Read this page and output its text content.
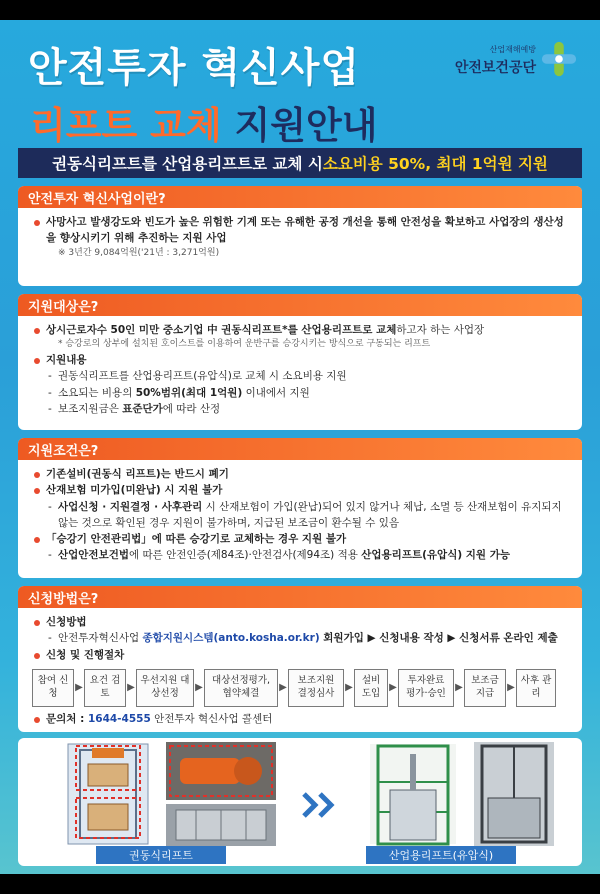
안전투자 혁신사업
리프트 교체 지원안내
산업재해예방
안전보건공단
권동식리프트를 산업용리프트로 교체 시 소요비용 50%, 최대 1억원 지원
안전투자 혁신사업이란?
사망사고 발생강도와 빈도가 높은 위험한 기계 또는 유해한 공정 개선을 통해 안전성을 확보하고 사업장의 생산성을 향상시키기 위해 추진하는 지원 사업
※ 3년간 9,084억원('21년 : 3,271억원)
지원대상은?
상시근로자수 50인 미만 중소기업 中 권동식리프트*를 산업용리프트로 교체하고자 하는 사업장
* 승강로의 상부에 설치된 호이스트를 이용하여 운반구를 승강시키는 방식으로 구동되는 리프트
지원내용
- 권동식리프트를 산업용리프트(유압식)로 교체 시 소요비용 지원
- 소요되는 비용의 50%범위(최대 1억원) 이내에서 지원
- 보조지원금은 표준단가에 따라 산정
지원조건은?
기존설비(권동식 리프트)는 반드시 폐기
산재보험 미가입(미완납) 시 지원 불가
- 사업신청 · 지원결정 · 사후관리 시 산재보험이 가입(완납)되어 있지 않거나 체납, 소멸 등 산재보험이 유지되지 않는 것으로 확인된 경우 지원이 불가하며, 지급된 보조금이 환수될 수 있음
「승강기 안전관리법」에 따른 승강기로 교체하는 경우 지원 불가
- 산업안전보건법에 따른 안전인증(제84조)·안전검사(제94조) 적용 산업용리프트(유압식) 지원 가능
신청방법은?
신청방법
- 안전투자혁신사업 종합지원시스템(anto.kosha.or.kr) 회원가입 ▶ 신청내용 작성 ▶ 신청서류 온라인 제출
신청 및 진행절차
참여 신청
▶
요건 검토
▶
우선지원 대상선정
▶
대상선정평가, 협약체결
▶
보조지원 결정심사
▶
설비 도입
▶
투자완료 평가·승인
▶
보조금 지급
▶
사후 관리
문의처 : 1644-4555 안전투자 혁신사업 콜센터
권동식리프트	산업용리프트(유압식)
